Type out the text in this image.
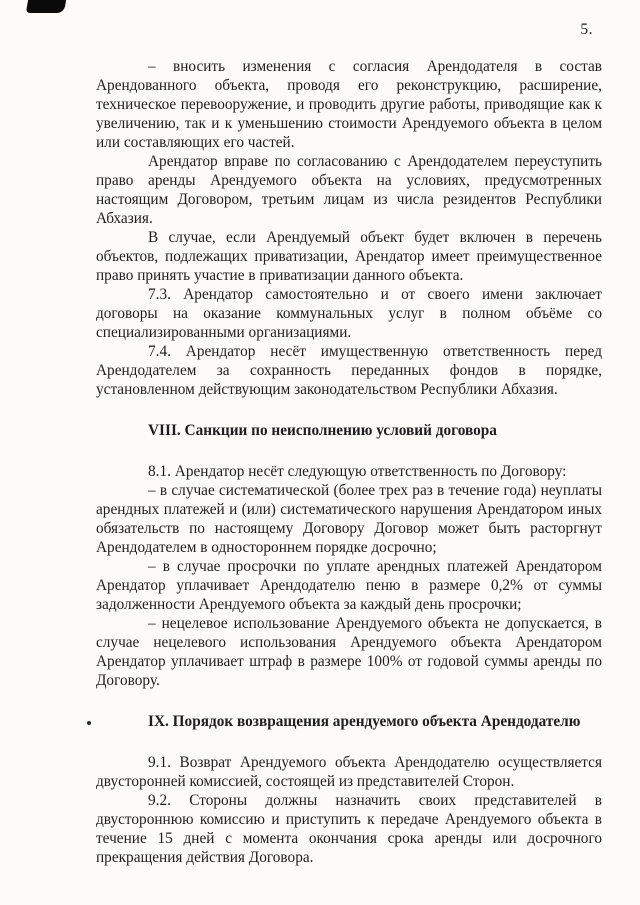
5.

– вносить изменения с согласия Арендодателя в состав Арендованного объекта, проводя его реконструкцию, расширение, техническое перевооружение, и проводить другие работы, приводящие как к увеличению, так и к уменьшению стоимости Арендуемого объекта в целом или составляющих его частей.

Арендатор вправе по согласованию с Арендодателем переуступить право аренды Арендуемого объекта на условиях, предусмотренных настоящим Договором, третьим лицам из числа резидентов Республики Абхазия.

В случае, если Арендуемый объект будет включен в перечень объектов, подлежащих приватизации, Арендатор имеет преимущественное право принять участие в приватизации данного объекта.

7.3. Арендатор самостоятельно и от своего имени заключает договоры на оказание коммунальных услуг в полном объёме со специализированными организациями.

7.4. Арендатор несёт имущественную ответственность перед Арендодателем за сохранность переданных фондов в порядке, установленном действующим законодательством Республики Абхазия.

VIII. Санкции по неисполнению условий договора

8.1. Арендатор несёт следующую ответственность по Договору:

– в случае систематической (более трех раз в течение года) неуплаты арендных платежей и (или) систематического нарушения Арендатором иных обязательств по настоящему Договору Договор может быть расторгнут Арендодателем в одностороннем порядке досрочно;

– в случае просрочки по уплате арендных платежей Арендатором Арендатор уплачивает Арендодателю пеню в размере 0,2% от суммы задолженности Арендуемого объекта за каждый день просрочки;

– нецелевое использование Арендуемого объекта не допускается, в случае нецелевого использования Арендуемого объекта Арендатором Арендатор уплачивает штраф в размере 100% от годовой суммы аренды по Договору.

IX. Порядок возвращения арендуемого объекта Арендодателю

9.1. Возврат Арендуемого объекта Арендодателю осуществляется двусторонней комиссией, состоящей из представителей Сторон.

9.2. Стороны должны назначить своих представителей в двустороннюю комиссию и приступить к передаче Арендуемого объекта в течение 15 дней с момента окончания срока аренды или досрочного прекращения действия Договора.
